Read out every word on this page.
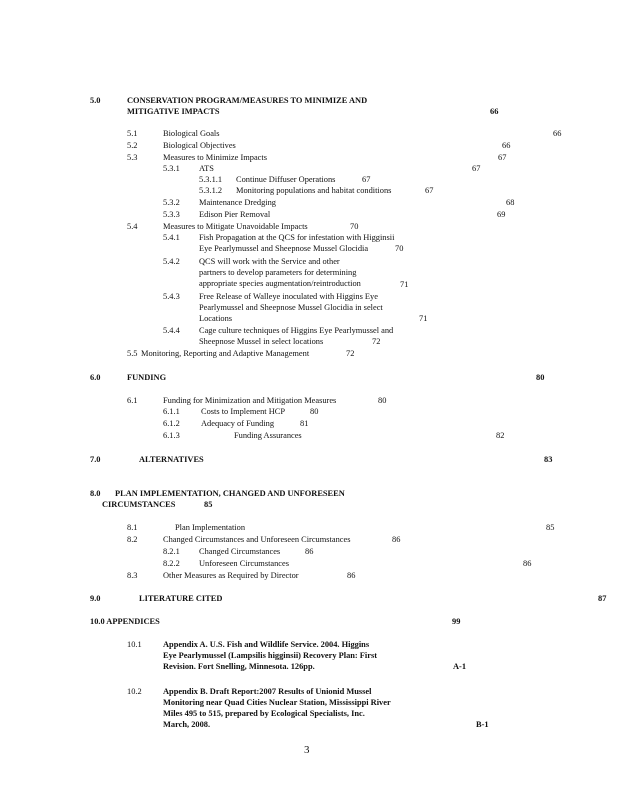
5.0	CONSERVATION PROGRAM/MEASURES TO MINIMIZE AND
MITIGATIVE IMPACTS	66
5.1	Biological Goals	66
5.2	Biological Objectives	66
5.3	Measures to Minimize Impacts	67
5.3.1 ATS	67
5.3.1.1 Continue Diffuser Operations	67
5.3.1.2 Monitoring populations and habitat conditions	67
5.3.2 Maintenance Dredging	68
5.3.3 Edison Pier Removal	69
5.4	Measures to Mitigate Unavoidable Impacts	70
5.4.1 Fish Propagation at the QCS for infestation with Higginsii
Eye Pearlymussel and Sheepnose Mussel Glocidia	70
5.4.2 QCS will work with the Service and other
partners to develop parameters for determining
appropriate species augmentation/reintroduction	71
5.4.3 Free Release of Walleye inoculated with Higgins Eye
Pearlymussel and Sheepnose Mussel Glocidia in select
Locations	71
5.4.4 Cage culture techniques of Higgins Eye Pearlymussel and
Sheepnose Mussel in select locations	72
5.5 Monitoring, Reporting and Adaptive Management	72
6.0	FUNDING	80
6.1	Funding for Minimization and Mitigation Measures	80
6.1.1	Costs to Implement HCP	80
6.1.2	Adequacy of Funding	81
6.1.3	Funding Assurances	82
7.0	ALTERNATIVES	83
8.0 PLAN IMPLEMENTATION, CHANGED AND UNFORESEEN
CIRCUMSTANCES	85
8.1	Plan Implementation	85
8.2	Changed Circumstances and Unforeseen Circumstances	86
8.2.1 Changed Circumstances	86
8.2.2 Unforeseen Circumstances	86
8.3	Other Measures as Required by Director	86
9.0	LITERATURE CITED	87
10.0 APPENDICES	99
10.1	Appendix A. U.S. Fish and Wildlife Service. 2004. Higgins
Eye Pearlymussel (Lampsilis higginsii) Recovery Plan: First
Revision. Fort Snelling, Minnesota. 126pp.	A-1
10.2	Appendix B. Draft Report:2007 Results of Unionid Mussel
Monitoring near Quad Cities Nuclear Station, Mississippi River
Miles 495 to 515, prepared by Ecological Specialists, Inc.
March, 2008.	B-1
3
